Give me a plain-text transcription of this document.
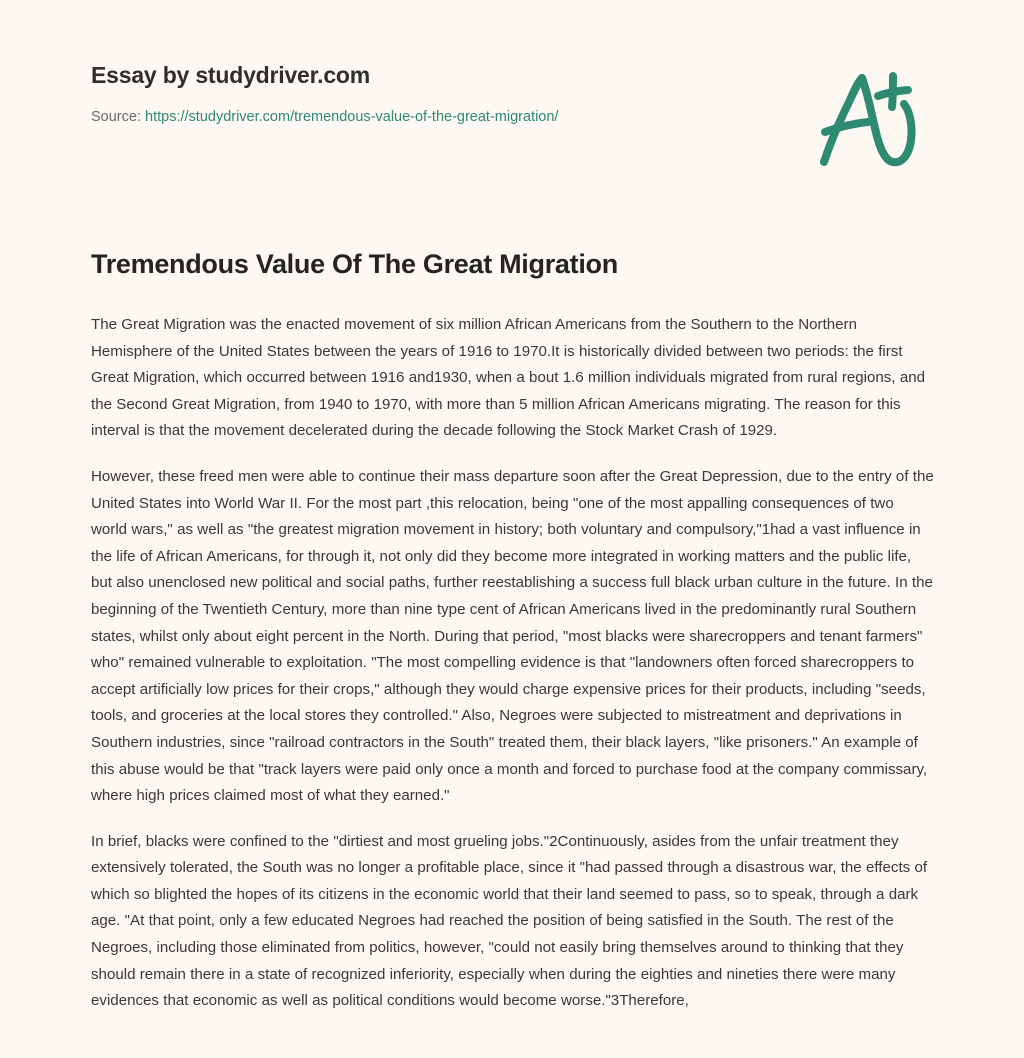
Essay by studydriver.com
Source: https://studydriver.com/tremendous-value-of-the-great-migration/
Tremendous Value Of The Great Migration

The Great Migration was the enacted movement of six million African Americans from the Southern to the Northern Hemisphere of the United States between the years of 1916 to 1970.It is historically divided between two periods: the first Great Migration, which occurred between 1916 and1930, when a bout 1.6 million individuals migrated from rural regions, and the Second Great Migration, from 1940 to 1970, with more than 5 million African Americans migrating. The reason for this interval is that the movement decelerated during the decade following the Stock Market Crash of 1929.

However, these freed men were able to continue their mass departure soon after the Great Depression, due to the entry of the United States into World War II. For the most part ,this relocation, being "one of the most appalling consequences of two world wars," as well as "the greatest migration movement in history; both voluntary and compulsory,"1had a vast influence in the life of African Americans, for through it, not only did they become more integrated in working matters and the public life, but also unenclosed new political and social paths, further reestablishing a success full black urban culture in the future. In the beginning of the Twentieth Century, more than nine type cent of African Americans lived in the predominantly rural Southern states, whilst only about eight percent in the North. During that period, "most blacks were sharecroppers and tenant farmers" who" remained vulnerable to exploitation. "The most compelling evidence is that "landowners often forced sharecroppers to accept artificially low prices for their crops," although they would charge expensive prices for their products, including "seeds, tools, and groceries at the local stores they controlled." Also, Negroes were subjected to mistreatment and deprivations in Southern industries, since "railroad contractors in the South" treated them, their black layers, "like prisoners." An example of this abuse would be that "track layers were paid only once a month and forced to purchase food at the company commissary, where high prices claimed most of what they earned."

In brief, blacks were confined to the "dirtiest and most grueling jobs."2Continuously, asides from the unfair treatment they extensively tolerated, the South was no longer a profitable place, since it "had passed through a disastrous war, the effects of which so blighted the hopes of its citizens in the economic world that their land seemed to pass, so to speak, through a dark age. "At that point, only a few educated Negroes had reached the position of being satisfied in the South. The rest of the Negroes, including those eliminated from politics, however, "could not easily bring themselves around to thinking that they should remain there in a state of recognized inferiority, especially when during the eighties and nineties there were many evidences that economic as well as political conditions would become worse."3Therefore,
